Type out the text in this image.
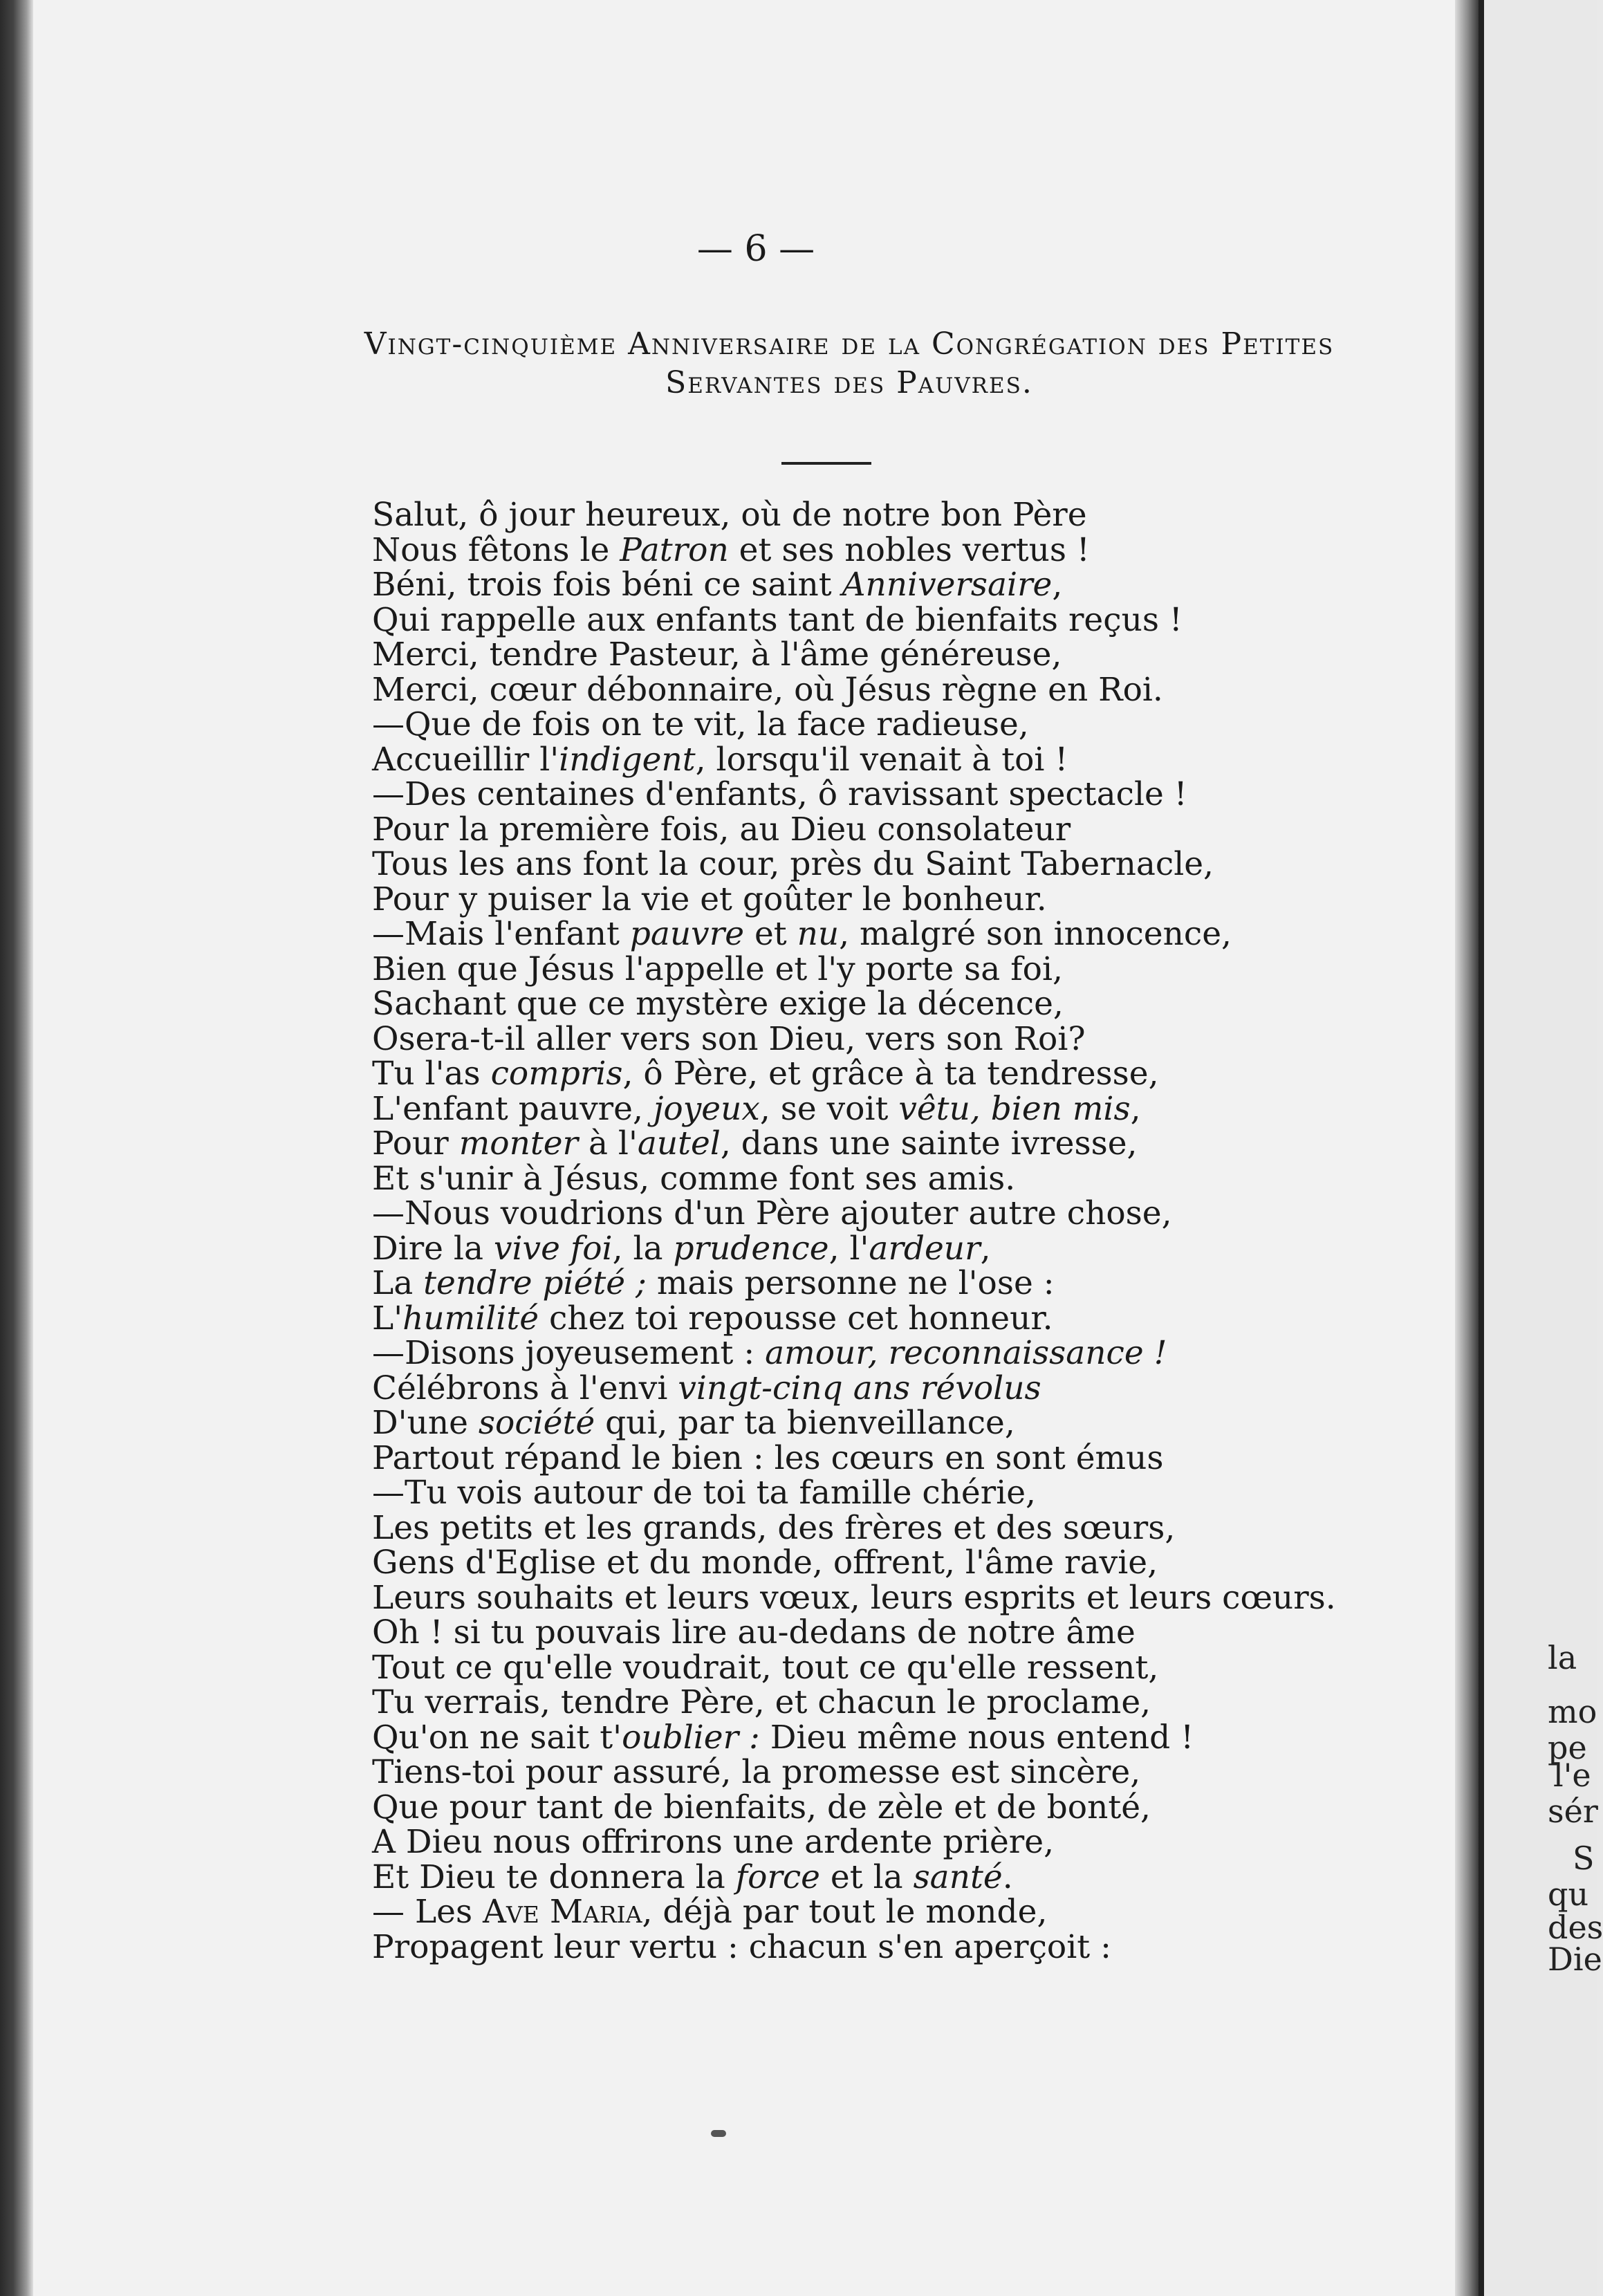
— 6 —
Vingt-cinquième Anniversaire de la Congrégation des Petites
Servantes des Pauvres.
Salut, ô jour heureux, où de notre bon Père
Nous fêtons le Patron et ses nobles vertus !
Béni, trois fois béni ce saint Anniversaire,
Qui rappelle aux enfants tant de bienfaits reçus !
Merci, tendre Pasteur, à l'âme généreuse,
Merci, cœur débonnaire, où Jésus règne en Roi.
—Que de fois on te vit, la face radieuse,
Accueillir l'indigent, lorsqu'il venait à toi !
—Des centaines d'enfants, ô ravissant spectacle !
Pour la première fois, au Dieu consolateur
Tous les ans font la cour, près du Saint Tabernacle,
Pour y puiser la vie et goûter le bonheur.
—Mais l'enfant pauvre et nu, malgré son innocence,
Bien que Jésus l'appelle et l'y porte sa foi,
Sachant que ce mystère exige la décence,
Osera-t-il aller vers son Dieu, vers son Roi?
Tu l'as compris, ô Père, et grâce à ta tendresse,
L'enfant pauvre, joyeux, se voit vêtu, bien mis,
Pour monter à l'autel, dans une sainte ivresse,
Et s'unir à Jésus, comme font ses amis.
—Nous voudrions d'un Père ajouter autre chose,
Dire la vive foi, la prudence, l'ardeur,
La tendre piété ; mais personne ne l'ose :
L'humilité chez toi repousse cet honneur.
—Disons joyeusement : amour, reconnaissance !
Célébrons à l'envi vingt-cinq ans révolus
D'une société qui, par ta bienveillance,
Partout répand le bien : les cœurs en sont émus
—Tu vois autour de toi ta famille chérie,
Les petits et les grands, des frères et des sœurs,
Gens d'Eglise et du monde, offrent, l'âme ravie,
Leurs souhaits et leurs vœux, leurs esprits et leurs cœurs.
Oh ! si tu pouvais lire au-dedans de notre âme
Tout ce qu'elle voudrait, tout ce qu'elle ressent,
Tu verrais, tendre Père, et chacun le proclame,
Qu'on ne sait t'oublier : Dieu même nous entend !
Tiens-toi pour assuré, la promesse est sincère,
Que pour tant de bienfaits, de zèle et de bonté,
A Dieu nous offrirons une ardente prière,
Et Dieu te donnera la force et la santé.
— Les Ave Maria, déjà par tout le monde,
Propagent leur vertu : chacun s'en aperçoit :
la
mo
pe
l'e
sér
S
qu
des
Die
